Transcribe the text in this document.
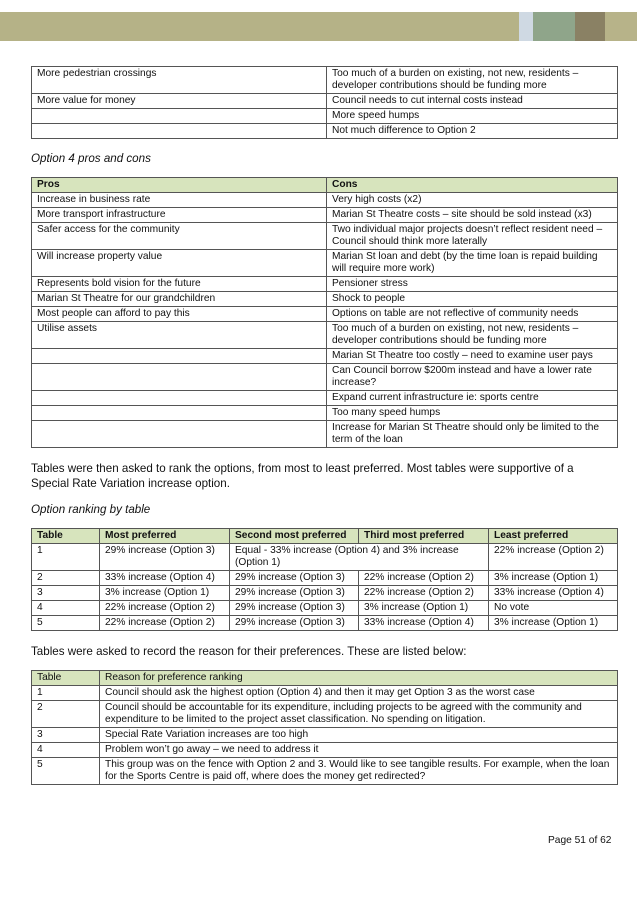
More pedestrian crossings	Too much of a burden on existing, not new, residents – developer contributions should be funding more
More value for money	Council needs to cut internal costs instead
	More speed humps
	Not much difference to Option 2
Option 4 pros and cons
Pros	Cons
Increase in business rate	Very high costs (x2)
More transport infrastructure	Marian St Theatre costs – site should be sold instead (x3)
Safer access for the community	Two individual major projects doesn’t reflect resident need – Council should think more laterally
Will increase property value	Marian St loan and debt (by the time loan is repaid building will require more work)
Represents bold vision for the future	Pensioner stress
Marian St Theatre for our grandchildren	Shock to people
Most people can afford to pay this	Options on table are not reflective of community needs
Utilise assets	Too much of a burden on existing, not new, residents – developer contributions should be funding more
	Marian St Theatre too costly – need to examine user pays
	Can Council borrow $200m instead and have a lower rate increase?
	Expand current infrastructure ie: sports centre
	Too many speed humps
	Increase for Marian St Theatre should only be limited to the term of the loan
Tables were then asked to rank the options, from most to least preferred. Most tables were supportive of a Special Rate Variation increase option.
Option ranking by table
Table	Most preferred	Second most preferred	Third most preferred	Least preferred
1	29% increase (Option 3)	Equal - 33% increase (Option 4) and 3% increase (Option 1)		22% increase (Option 2)
2	33% increase (Option 4)	29% increase (Option 3)	22% increase (Option 2)	3% increase (Option 1)
3	3% increase (Option 1)	29% increase (Option 3)	22% increase (Option 2)	33% increase (Option 4)
4	22% increase (Option 2)	29% increase (Option 3)	3% increase (Option 1)	No vote
5	22% increase (Option 2)	29% increase (Option 3)	33% increase (Option 4)	3% increase (Option 1)
Tables were asked to record the reason for their preferences. These are listed below:
Table	Reason for preference ranking
1	Council should ask the highest option (Option 4) and then it may get Option 3 as the worst case
2	Council should be accountable for its expenditure, including projects to be agreed with the community and expenditure to be limited to the project asset classification. No spending on litigation.
3	Special Rate Variation increases are too high
4	Problem won’t go away – we need to address it
5	This group was on the fence with Option 2 and 3. Would like to see tangible results. For example, when the loan for the Sports Centre is paid off, where does the money get redirected?
Page 51 of 62
